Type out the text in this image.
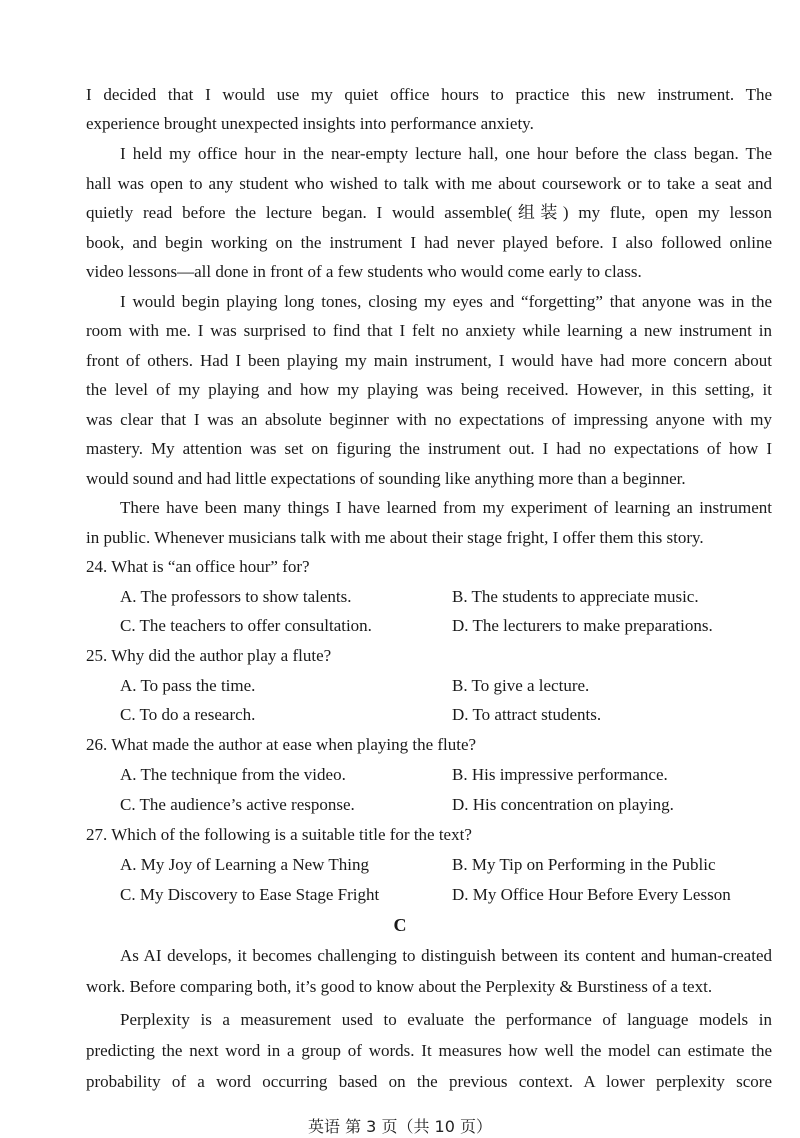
I decided that I would use my quiet office hours to practice this new instrument. The
experience brought unexpected insights into performance anxiety.
I held my office hour in the near-empty lecture hall, one hour before the class began. The
hall was open to any student who wished to talk with me about coursework or to take a seat and
quietly read before the lecture began. I would assemble(组装) my flute, open my lesson
book, and begin working on the instrument I had never played before. I also followed online
video lessons—all done in front of a few students who would come early to class.
I would begin playing long tones, closing my eyes and “forgetting” that anyone was in the
room with me. I was surprised to find that I felt no anxiety while learning a new instrument in
front of others. Had I been playing my main instrument, I would have had more concern about
the level of my playing and how my playing was being received. However, in this setting, it
was clear that I was an absolute beginner with no expectations of impressing anyone with my
mastery. My attention was set on figuring the instrument out. I had no expectations of how I
would sound and had little expectations of sounding like anything more than a beginner.
There have been many things I have learned from my experiment of learning an instrument
in public. Whenever musicians talk with me about their stage fright, I offer them this story.
24. What is “an office hour” for?
A. The professors to show talents.	B. The students to appreciate music.
C. The teachers to offer consultation.	D. The lecturers to make preparations.
25. Why did the author play a flute?
A. To pass the time.	B. To give a lecture.
C. To do a research.	D. To attract students.
26. What made the author at ease when playing the flute?
A. The technique from the video.	B. His impressive performance.
C. The audience’s active response.	D. His concentration on playing.
27. Which of the following is a suitable title for the text?
A. My Joy of Learning a New Thing	B. My Tip on Performing in the Public
C. My Discovery to Ease Stage Fright	D. My Office Hour Before Every Lesson
C
As AI develops, it becomes challenging to distinguish between its content and human-created
work. Before comparing both, it’s good to know about the Perplexity & Burstiness of a text.
Perplexity is a measurement used to evaluate the performance of language models in
predicting the next word in a group of words. It measures how well the model can estimate the
probability of a word occurring based on the previous context. A lower perplexity score
英语 第 3 页（共 10 页）
